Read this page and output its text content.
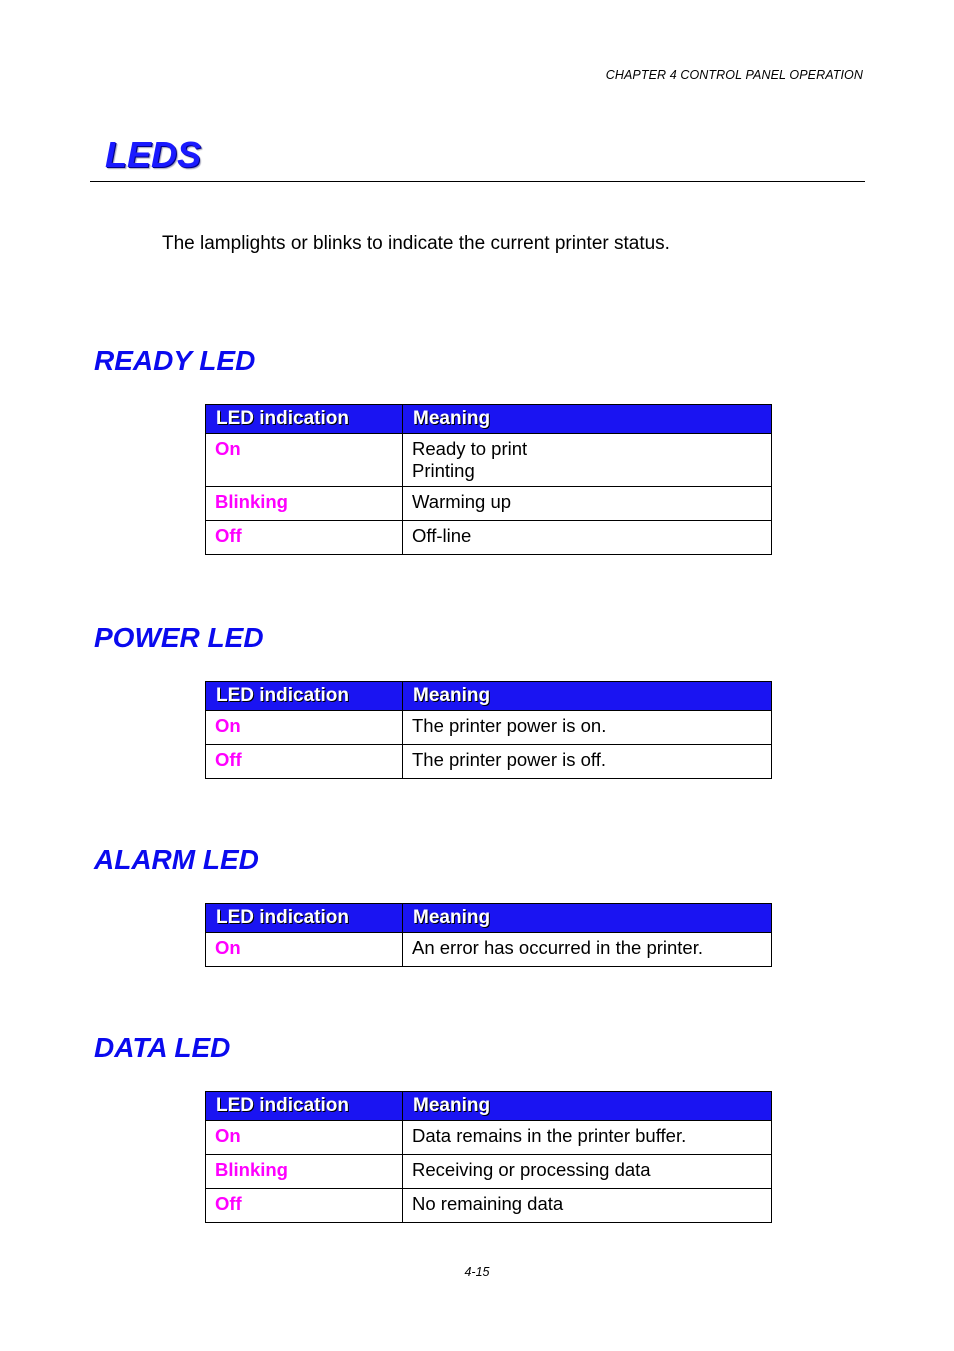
CHAPTER 4 CONTROL PANEL OPERATION
LEDS

The lamplights or blinks to indicate the current printer status.

READY LED
LED indication	Meaning
On	Ready to print
Printing

Blinking	Warming up

Off	Off-line
POWER LED
LED indication	Meaning
On	The printer power is on.

Off	The printer power is off.
ALARM LED
LED indication	Meaning
On	An error has occurred in the printer.
DATA LED
LED indication	Meaning
On	Data remains in the printer buffer.

Blinking	Receiving or processing data

Off	No remaining data
4-15
